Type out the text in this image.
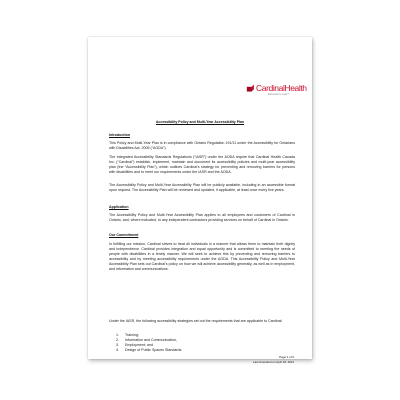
CardinalHealth
Essential to care™
Accessibility Policy and Multi-Year Accessibility Plan
Introduction

This Policy and Multi-Year Plan is in compliance with Ontario Regulation 191/11 under the Accessibility for Ontarians with Disabilities Act, 2005 (“AODA”).

The Integrated Accessibility Standards Regulations (“IASR”) under the AODA require that Cardinal Health Canada Inc. (“Cardinal”) establish, implement, maintain and document its accessibility policies and multi-year accessibility plan (the “Accessibility Plan”), which outlines Cardinal’s strategy for preventing and removing barriers for persons with disabilities and to meet our requirements under the IASR and the AODA.

The Accessibility Policy and Multi-Year Accessibility Plan will be publicly available, including in an accessible format upon request. The Accessibility Plan will be reviewed and updated, if applicable, at least once every five years.

Application

The Accessibility Policy and Multi-Year Accessibility Plan applies to all employees and customers of Cardinal in Ontario, and, where indicated, to any independent contractors providing services on behalf of Cardinal in Ontario.

Our Commitment

In fulfilling our mission, Cardinal strives to treat all individuals in a manner that allows them to maintain their dignity and independence. Cardinal provides integration and equal opportunity and is committed to meeting the needs of people with disabilities in a timely manner. We will seek to achieve this by preventing and removing barriers to accessibility and by meeting accessibility requirements under the AODA. This Accessibility Policy and Multi-Year Accessibility Plan sets out Cardinal’s policy on how we will achieve accessibility generally, as well as in employment, and information and communications.

Under the IASR, the following accessibility strategies set out the requirements that are applicable to Cardinal:

1. Training;
2. Information and Communication,
3. Employment; and
4. Design of Public Spaces Standards.
Page 1 of 6
Last Amended on April 18, 2021
